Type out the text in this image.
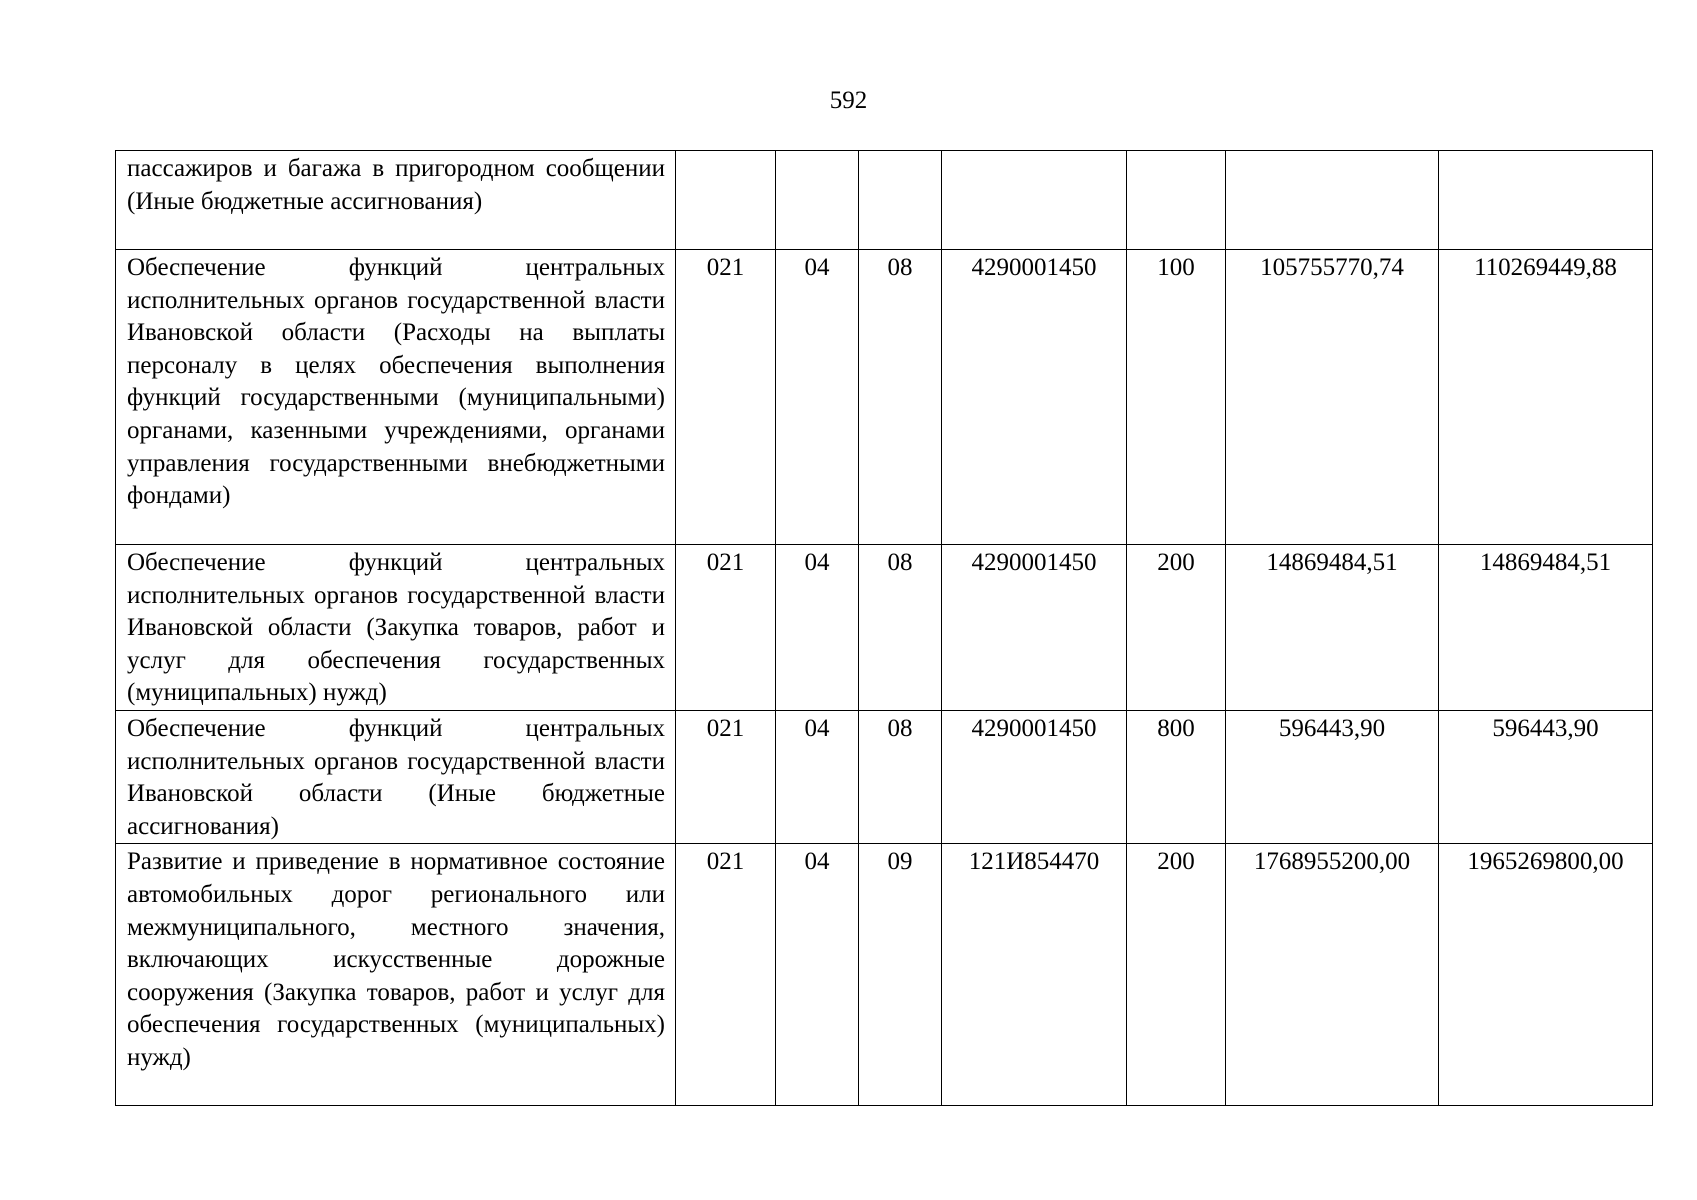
592
пассажиров и багажа в пригородном сообщении (Иные бюджетные ассигнования)							

Обеспечение функций центральных исполнительных органов государственной власти Ивановской области (Расходы на выплаты персоналу в целях обеспечения выполнения функций государственными (муниципальными) органами, казенными учреждениями, органами управления государственными внебюджетными фондами)	021	04	08	4290001450	100	105755770,74	110269449,88

Обеспечение функций центральных исполнительных органов государственной власти Ивановской области (Закупка товаров, работ и услуг для обеспечения государственных (муниципальных) нужд)	021	04	08	4290001450	200	14869484,51	14869484,51

Обеспечение функций центральных исполнительных органов государственной власти Ивановской области (Иные бюджетные ассигнования)	021	04	08	4290001450	800	596443,90	596443,90

Развитие и приведение в нормативное состояние автомобильных дорог регионального или межмуниципального, местного значения, включающих искусственные дорожные сооружения (Закупка товаров, работ и услуг для обеспечения государственных (муниципальных) нужд)	021	04	09	121И854470	200	1768955200,00	1965269800,00
